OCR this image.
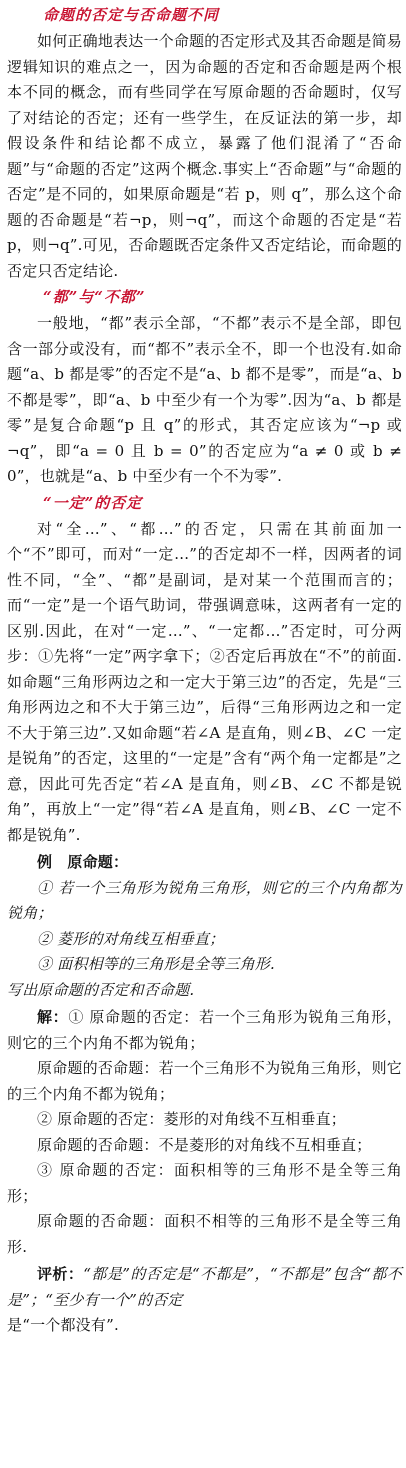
命题的否定与否命题不同

如何正确地表达一个命题的否定形式及其否命题是简易逻辑知识的难点之一，因为命题的否定和否命题是两个根本不同的概念，而有些同学在写原命题的否命题时，仅写了对结论的否定；还有一些学生，在反证法的第一步，却假设条件和结论都不成立，暴露了他们混淆了“否命题”与“命题的否定”这两个概念.事实上“否命题”与“命题的否定”是不同的，如果原命题是“若 p，则 q”，那么这个命题的否命题是“若¬p，则¬q”，而这个命题的否定是“若 p，则¬q”.可见，否命题既否定条件又否定结论，而命题的否定只否定结论.

“都”与“不都”

一般地，“都”表示全部，“不都”表示不是全部，即包含一部分或没有，而“都不”表示全不，即一个也没有.如命题“a、b 都是零”的否定不是“a、b 都不是零”，而是“a、b 不都是零”，即“a、b 中至少有一个为零”.因为“a、b 都是零”是复合命题“p 且 q”的形式，其否定应该为“¬p 或¬q”，即“a = 0 且 b = 0”的否定应为“a ≠ 0 或 b ≠ 0”，也就是“a、b 中至少有一个不为零”.

“一定”的否定

对“全…”、“都…”的否定，只需在其前面加一个“不”即可，而对“一定…”的否定却不一样，因两者的词性不同，“全”、“都”是副词，是对某一个范围而言的；而“一定”是一个语气助词，带强调意味，这两者有一定的区别.因此，在对“一定…”、“一定都…”否定时，可分两步：①先将“一定”两字拿下；②否定后再放在“不”的前面.如命题“三角形两边之和一定大于第三边”的否定，先是“三角形两边之和不大于第三边”，后得“三角形两边之和一定不大于第三边”.又如命题“若∠A 是直角，则∠B、∠C 一定是锐角”的否定，这里的“一定是”含有“两个角一定都是”之意，因此可先否定“若∠A 是直角，则∠B、∠C 不都是锐角”，再放上“一定”得“若∠A 是直角，则∠B、∠C 一定不都是锐角”.

例　原命题：

① 若一个三角形为锐角三角形，则它的三个内角都为锐角；

② 菱形的对角线互相垂直；

③ 面积相等的三角形是全等三角形.

写出原命题的否定和否命题.

解：① 原命题的否定：若一个三角形为锐角三角形，则它的三个内角不都为锐角；

原命题的否命题：若一个三角形不为锐角三角形，则它的三个内角不都为锐角；

② 原命题的否定：菱形的对角线不互相垂直；

原命题的否命题：不是菱形的对角线不互相垂直；

③ 原命题的否定：面积相等的三角形不是全等三角形；

原命题的否命题：面积不相等的三角形不是全等三角形.

评析：“都是”的否定是“不都是”，“不都是”包含“都不是”；“至少有一个”的否定

是“一个都没有”.
